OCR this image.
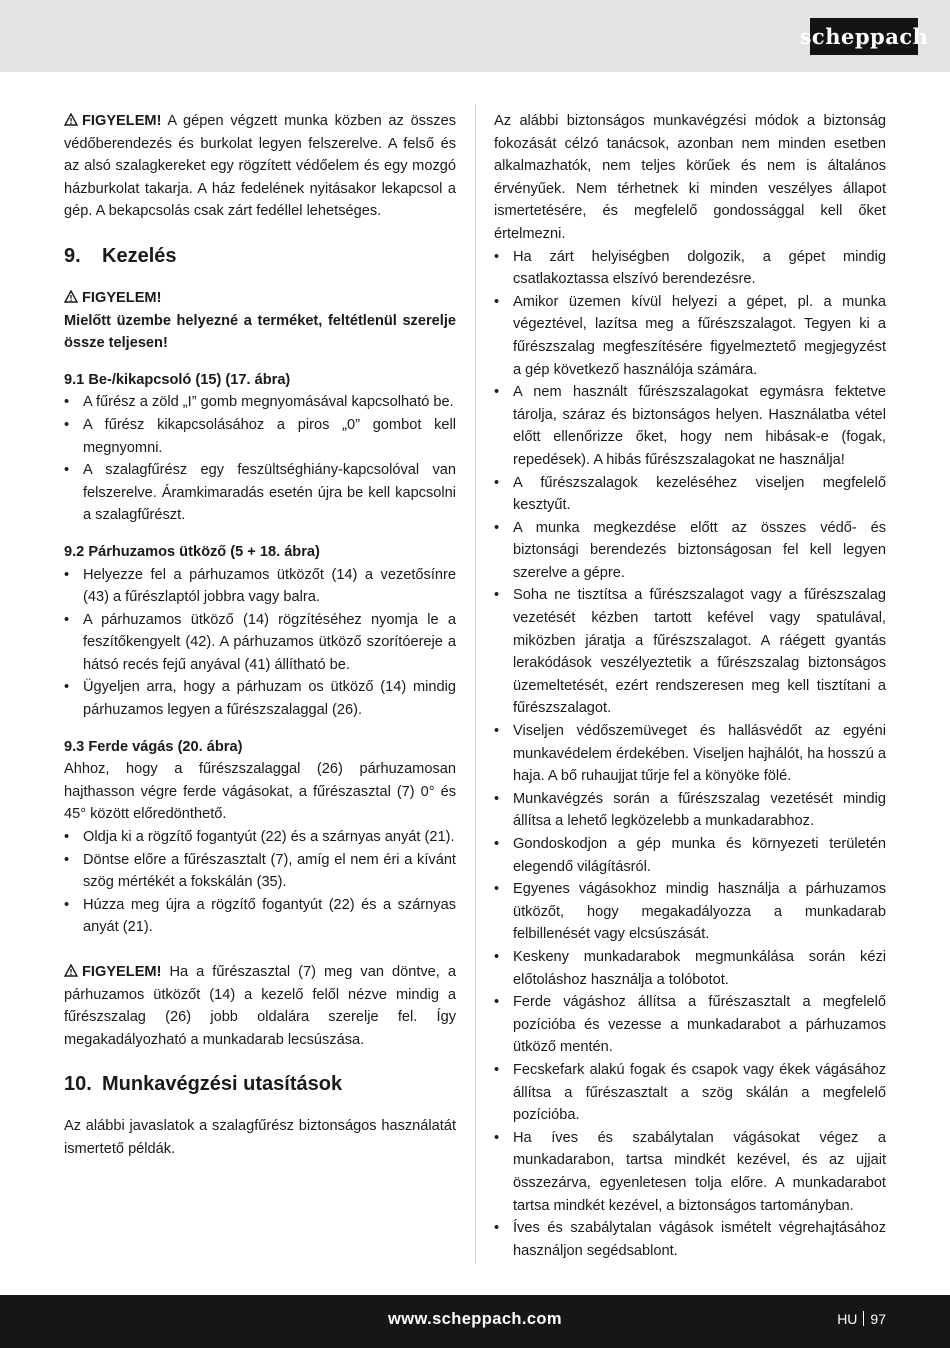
scheppach

FIGYELEM! A gépen végzett munka közben az összes védőberendezés és burkolat legyen felszerelve. A felső és az alsó szalagkereket egy rögzített védőelem és egy mozgó házburkolat takarja. A ház fedelének nyitásakor lekapcsol a gép. A bekapcsolás csak zárt fedéllel lehetséges.

9. Kezelés

FIGYELEM!

Mielőtt üzembe helyezné a terméket, feltétlenül szerelje össze teljesen!

9.1 Be-/kikapcsoló (15) (17. ábra)
• A fűrész a zöld „I” gomb megnyomásával kapcsolható be.
• A fűrész kikapcsolásához a piros „0” gombot kell megnyomni.
• A szalagfűrész egy feszültséghiány-kapcsolóval van felszerelve. Áramkimaradás esetén újra be kell kapcsolni a szalagfűrészt.
9.2 Párhuzamos ütköző (5 + 18. ábra)
• Helyezze fel a párhuzamos ütközőt (14) a vezetősínre (43) a fűrészlaptól jobbra vagy balra.
• A párhuzamos ütköző (14) rögzítéséhez nyomja le a feszítőkengyelt (42). A párhuzamos ütköző szorítóereje a hátsó recés fejű anyával (41) állítható be.
• Ügyeljen arra, hogy a párhuzam os ütköző (14) mindig párhuzamos legyen a fűrészszalaggal (26).
9.3 Ferde vágás (20. ábra)

Ahhoz, hogy a fűrészszalaggal (26) párhuzamosan hajthasson végre ferde vágásokat, a fűrészasztal (7) 0° és 45° között előredönthető.

• Oldja ki a rögzítő fogantyút (22) és a szárnyas anyát (21).
• Döntse előre a fűrészasztalt (7), amíg el nem éri a kívánt szög mértékét a fokskálán (35).
• Húzza meg újra a rögzítő fogantyút (22) és a szárnyas anyát (21).

FIGYELEM! Ha a fűrészasztal (7) meg van döntve, a párhuzamos ütközőt (14) a kezelő felől nézve mindig a fűrészszalag (26) jobb oldalára szerelje fel. Így megakadályozható a munkadarab lecsúszása.

10. Munkavégzési utasítások

Az alábbi javaslatok a szalagfűrész biztonságos használatát ismertető példák.

Az alábbi biztonságos munkavégzési módok a biztonság fokozását célzó tanácsok, azonban nem minden esetben alkalmazhatók, nem teljes körűek és nem is általános érvényűek. Nem térhetnek ki minden veszélyes állapot ismertetésére, és megfelelő gondossággal kell őket értelmezni.

• Ha zárt helyiségben dolgozik, a gépet mindig csatlakoztassa elszívó berendezésre.
• Amikor üzemen kívül helyezi a gépet, pl. a munka végeztével, lazítsa meg a fűrészszalagot. Tegyen ki a fűrészszalag megfeszítésére figyelmeztető megjegyzést a gép következő használója számára.
• A nem használt fűrészszalagokat egymásra fektetve tárolja, száraz és biztonságos helyen. Használatba vétel előtt ellenőrizze őket, hogy nem hibásak-e (fogak, repedések). A hibás fűrészszalagokat ne használja!
• A fűrészszalagok kezeléséhez viseljen megfelelő kesztyűt.
• A munka megkezdése előtt az összes védő- és biztonsági berendezés biztonságosan fel kell legyen szerelve a gépre.
• Soha ne tisztítsa a fűrészszalagot vagy a fűrészszalag vezetését kézben tartott kefével vagy spatulával, miközben járatja a fűrészszalagot. A ráégett gyantás lerakódások veszélyeztetik a fűrészszalag biztonságos üzemeltetését, ezért rendszeresen meg kell tisztítani a fűrészszalagot.
• Viseljen védőszemüveget és hallásvédőt az egyéni munkavédelem érdekében. Viseljen hajhálót, ha hosszú a haja. A bő ruhaujjat tűrje fel a könyöke fölé.
• Munkavégzés során a fűrészszalag vezetését mindig állítsa a lehető legközelebb a munkadarabhoz.
• Gondoskodjon a gép munka és környezeti területén elegendő világításról.
• Egyenes vágásokhoz mindig használja a párhuzamos ütközőt, hogy megakadályozza a munkadarab felbillenését vagy elcsúszását.
• Keskeny munkadarabok megmunkálása során kézi előtoláshoz használja a tolóbotot.
• Ferde vágáshoz állítsa a fűrészasztalt a megfelelő pozícióba és vezesse a munkadarabot a párhuzamos ütköző mentén.
• Fecskefark alakú fogak és csapok vagy ékek vágásához állítsa a fűrészasztalt a szög skálán a megfelelő pozícióba.
• Ha íves és szabálytalan vágásokat végez a munkadarabon, tartsa mindkét kezével, és az ujjait összezárva, egyenletesen tolja előre. A munkadarabot tartsa mindkét kezével, a biztonságos tartományban.
• Íves és szabálytalan vágások ismételt végrehajtásához használjon segédsablont.
www.scheppach.com	HU 97
